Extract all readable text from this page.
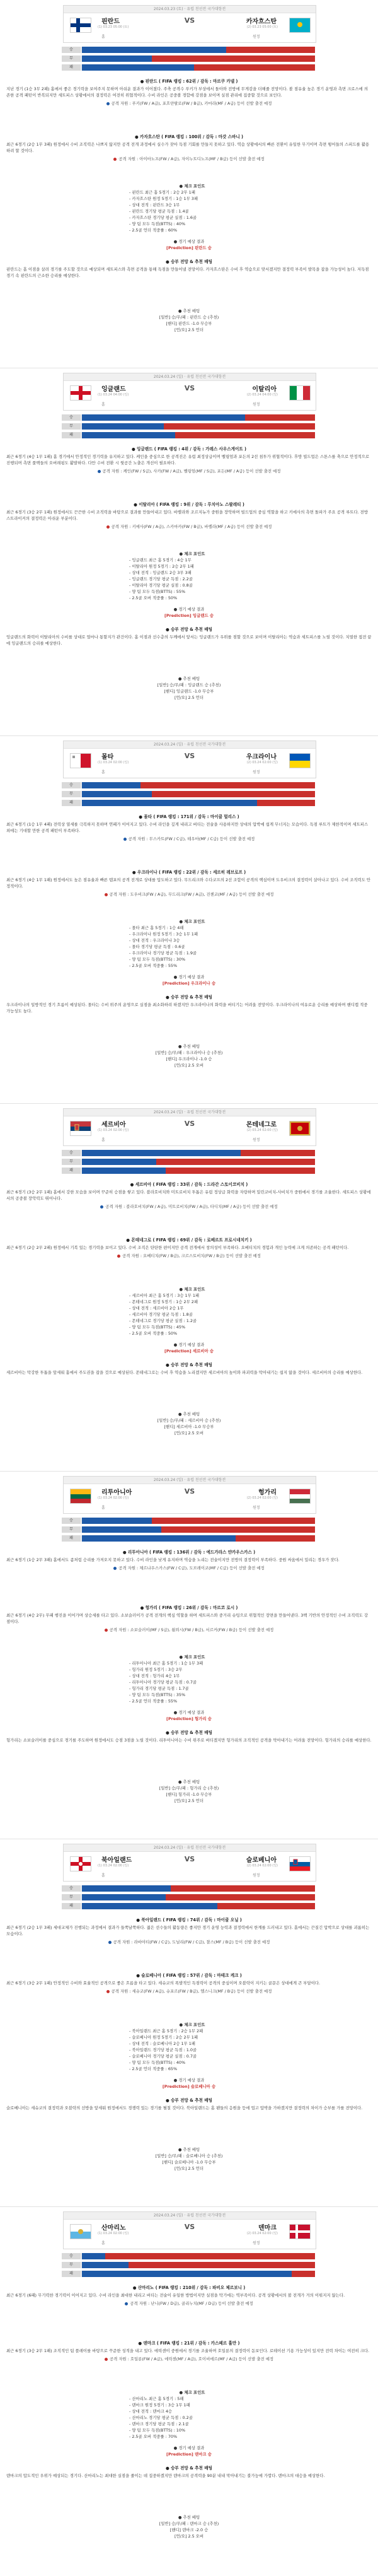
2024.03.23 (토) · 유럽 친선전 국가대항전
핀란드
(1) 03.23 05:00 (토)
홈
VS	카자흐스탄
(2) 03.23 05:00 (토)
원정
승
무
패
● 핀란드 ( FIFA 랭킹 : 62위 / 감독 : 마르쿠 카넬 )
지난 경기 (1승 3무 2패) 홈에서 좋은 경기력을 보여주지 못하며 아쉬운 결과가 이어졌다. 주축 공격수 푸키가 부상에서 돌아와 전방에 무게감을 더해줄 전망이다. 볼 점유율 높은 경기 운영과 측면 크로스에 의존한 공격 패턴이 반복되지만 세트피스 상황에서의 결정력은 여전히 위협적이다. 수비 라인은 공중볼 경합에 강점을 보이며 실점 관리에 집중할 것으로 보인다.
공격 자원 : 푸키(FW / A급), 포흐얀팔로(FW / B급), 카마라(MF / A급) 등이 선발 출전 예정
● 카자흐스탄 ( FIFA 랭킹 : 100위 / 감독 : 마갓 스바니 )
최근 6경기 (2승 1무 3패) 원정에서 수비 조직력은 나쁘지 않지만 공격 전개 과정에서 실수가 잦아 득점 기회를 만들지 못하고 있다. 역습 상황에서의 빠른 전환이 유일한 무기이며 측면 윙어들의 스피드를 활용하려 할 것이다.
공격 자원 : 아이마노프(FW / A급), 자이누트디노프(MF / B급) 등이 선발 출전 예정
● 체크 포인트
- 핀란드 최근 홈 5경기 : 2승 2무 1패
- 카자흐스탄 원정 5경기 : 1승 1무 3패
- 상대 전적 : 핀란드 3승 1무
- 핀란드 경기당 평균 득점 : 1.4골
- 카자흐스탄 경기당 평균 실점 : 1.6골
- 양 팀 모두 득점(BTTS) : 40%
- 2.5골 언더 적중률 : 60%
● 경기 예상 결과
[Prediction] 핀란드 승
● 승부 전망 & 추천 배팅
핀란드는 홈 이점을 살려 경기를 주도할 것으로 예상되며 세트피스와 측면 공격을 통해 득점을 만들어낼 전망이다. 카자흐스탄은 수비 후 역습으로 맞서겠지만 결정력 부족이 발목을 잡을 가능성이 높다. 저득점 경기 속 핀란드의 근소한 승리를 예상한다.
● 추천 배팅
[일반] 승/무/패 : 핀란드 승 (추천)
[핸디] 핀란드 -1.0 무승부
[언/오] 2.5 언더
2024.03.24 (일) · 유럽 친선전 국가대항전
잉글랜드
(1) 03.24 04:00 (일)
홈
VS	이탈리아
(2) 03.24 04:00 (일)
원정
승
무
패
● 잉글랜드 ( FIFA 랭킹 : 4위 / 감독 : 가레스 사우스게이트 )
최근 6경기 (4승 1무 1패) 홈 경기에서 안정적인 경기력을 유지하고 있다. 케인을 중심으로 한 공격진은 유럽 최정상급이며 벨링엄과 포든의 2선 침투가 위협적이다. 후방 빌드업은 스톤스를 축으로 안정적으로 진행되며 측면 풀백들의 오버래핑도 활발하다. 다만 수비 전환 시 뒷공간 노출은 개선이 필요하다.
공격 자원 : 케인(FW / S급), 사카(FW / A급), 벨링엄(MF / S급), 포든(MF / A급) 등이 선발 출전 예정
● 이탈리아 ( FIFA 랭킹 : 9위 / 감독 : 루치아노 스팔레티 )
최근 6경기 (3승 2무 1패) 원정에서도 끈끈한 수비 조직력을 바탕으로 결과를 만들어내고 있다. 바렐라와 조르지뉴가 중원을 장악하며 빌드업의 중심 역할을 하고 키에사의 측면 돌파가 주요 공격 루트다. 전방 스트라이커의 결정력은 아쉬운 부분이다.
공격 자원 : 키에사(FW / A급), 스카마카(FW / B급), 바렐라(MF / A급) 등이 선발 출전 예정
● 체크 포인트
- 잉글랜드 최근 홈 5경기 : 4승 1무
- 이탈리아 원정 5경기 : 2승 2무 1패
- 상대 전적 : 잉글랜드 2승 3무 3패
- 잉글랜드 경기당 평균 득점 : 2.2골
- 이탈리아 경기당 평균 실점 : 0.8골
- 양 팀 모두 득점(BTTS) : 55%
- 2.5골 오버 적중률 : 50%
● 경기 예상 결과
[Prediction] 잉글랜드 승
● 승부 전망 & 추천 배팅
잉글랜드의 화력이 이탈리아의 수비를 상대로 얼마나 통할지가 관건이다. 홈 이점과 선수층의 두께에서 앞서는 잉글랜드가 우위를 점할 것으로 보이며 이탈리아는 역습과 세트피스를 노릴 것이다. 치열한 접전 끝에 잉글랜드의 승리를 예상한다.
● 추천 배팅
[일반] 승/무/패 : 잉글랜드 승 (추천)
[핸디] 잉글랜드 -1.0 무승부
[언/오] 2.5 언더
2024.03.24 (일) · 유럽 친선전 국가대항전
몰타
(1) 03.24 02:00 (일)
홈
VS	우크라이나
(2) 03.24 02:00 (일)
원정
승
무
패
● 몰타 ( FIFA 랭킹 : 171위 / 감독 : 마이클 멀리스 )
최근 6경기 (1승 1무 4패) 전력상 열세를 극복하지 못하며 연패가 이어지고 있다. 수비 라인을 깊게 내리고 버티는 전술을 사용하지만 상대의 압박에 쉽게 무너지는 모습이다. 득점 루트가 제한적이며 세트피스 외에는 기대할 만한 공격 패턴이 부족하다.
공격 자원 : 무스카트(FW / C급), 테우마(MF / C급) 등이 선발 출전 예정
● 우크라이나 ( FIFA 랭킹 : 22위 / 감독 : 세르히 레브로프 )
최근 6경기 (4승 1무 1패) 원정에서도 높은 점유율과 빠른 템포의 공격 전개로 상대를 압도하고 있다. 무드리크와 수다코프의 2선 조합이 공격의 핵심이며 도우비크의 결정력이 살아나고 있다. 수비 조직력도 안정적이다.
공격 자원 : 도우비크(FW / A급), 무드리크(FW / A급), 진첸코(MF / A급) 등이 선발 출전 예정
● 체크 포인트
- 몰타 최근 홈 5경기 : 1승 4패
- 우크라이나 원정 5경기 : 3승 1무 1패
- 상대 전적 : 우크라이나 3승
- 몰타 경기당 평균 득점 : 0.6골
- 우크라이나 경기당 평균 득점 : 1.9골
- 양 팀 모두 득점(BTTS) : 30%
- 2.5골 오버 적중률 : 55%
● 경기 예상 결과
[Prediction] 우크라이나 승
● 승부 전망 & 추천 배팅
우크라이나의 일방적인 경기 흐름이 예상된다. 몰타는 수비 위주의 운영으로 실점을 최소화하려 하겠지만 우크라이나의 화력을 버티기는 어려울 전망이다. 우크라이나의 여유로운 승리를 예상하며 핸디캡 적중 가능성도 높다.
● 추천 배팅
[일반] 승/무/패 : 우크라이나 승 (추천)
[핸디] 우크라이나 -1.0 승
[언/오] 2.5 오버
2024.03.24 (일) · 유럽 친선전 국가대항전
세르비아
(1) 03.24 02:00 (일)
홈
VS	몬테네그로
(2) 03.24 02:00 (일)
원정
승
무
패
● 세르비아 ( FIFA 랭킹 : 33위 / 감독 : 드라간 스토이코비치 )
최근 6경기 (3승 2무 1패) 홈에서 강한 모습을 보이며 꾸준히 승점을 쌓고 있다. 블라호비치와 미트로비치 투톱은 유럽 정상급 화력을 자랑하며 밀린코비치-사비치가 중원에서 경기를 조율한다. 세트피스 상황에서의 공중볼 장악력도 뛰어나다.
공격 자원 : 블라호비치(FW / A급), 미트로비치(FW / A급), 타디치(MF / A급) 등이 선발 출전 예정
● 몬테네그로 ( FIFA 랭킹 : 69위 / 감독 : 로베르트 프로시네치키 )
최근 6경기 (2승 2무 2패) 원정에서 기복 있는 경기력을 보이고 있다. 수비 조직은 탄탄한 편이지만 공격 전개에서 창의성이 부족하다. 요베티치의 경험과 개인 능력에 크게 의존하는 공격 패턴이다.
공격 자원 : 요베티치(FW / B급), 크르스토비치(FW / B급) 등이 선발 출전 예정
● 체크 포인트
- 세르비아 최근 홈 5경기 : 3승 1무 1패
- 몬테네그로 원정 5경기 : 1승 2무 2패
- 상대 전적 : 세르비아 2승 1무
- 세르비아 경기당 평균 득점 : 1.8골
- 몬테네그로 경기당 평균 실점 : 1.2골
- 양 팀 모두 득점(BTTS) : 45%
- 2.5골 오버 적중률 : 50%
● 경기 예상 결과
[Prediction] 세르비아 승
● 승부 전망 & 추천 배팅
세르비아는 막강한 투톱을 앞세워 홈에서 주도권을 잡을 것으로 예상된다. 몬테네그로는 수비 후 역습을 노리겠지만 세르비아의 높이와 파괴력을 막아내기는 쉽지 않을 것이다. 세르비아의 승리를 예상한다.
● 추천 배팅
[일반] 승/무/패 : 세르비아 승 (추천)
[핸디] 세르비아 -1.0 무승부
[언/오] 2.5 오버
2024.03.24 (일) · 유럽 친선전 국가대항전
리투아니아
(1) 03.24 02:00 (일)
홈
VS	헝가리
(2) 03.24 02:00 (일)
원정
승
무
패
● 리투아니아 ( FIFA 랭킹 : 136위 / 감독 : 에드가라스 얀카우스카스 )
최근 6경기 (1승 2무 3패) 홈에서도 좀처럼 승리를 가져오지 못하고 있다. 수비 라인을 낮게 유지하며 역습을 노리는 전술이지만 전방의 결정력이 부족하다. 중원 싸움에서 밀리는 경우가 잦다.
공격 자원 : 체르냐우스카스(FW / C급), 도브레이코(MF / C급) 등이 선발 출전 예정
● 헝가리 ( FIFA 랭킹 : 26위 / 감독 : 마르코 로시 )
최근 6경기 (4승 2무) 무패 행진을 이어가며 상승세를 타고 있다. 소보슬러이가 공격 전개의 핵심 역할을 하며 세트피스와 중거리 슈팅으로 위협적인 장면을 만들어낸다. 3백 기반의 안정적인 수비 조직력도 강점이다.
공격 자원 : 소보슬러이(MF / S급), 쇨뢰시(FW / B급), 서르커(FW / B급) 등이 선발 출전 예정
● 체크 포인트
- 리투아니아 최근 홈 5경기 : 1승 1무 3패
- 헝가리 원정 5경기 : 3승 2무
- 상대 전적 : 헝가리 4승 1무
- 리투아니아 경기당 평균 득점 : 0.7골
- 헝가리 경기당 평균 득점 : 1.7골
- 양 팀 모두 득점(BTTS) : 35%
- 2.5골 언더 적중률 : 55%
● 경기 예상 결과
[Prediction] 헝가리 승
● 승부 전망 & 추천 배팅
헝가리는 소보슬러이를 중심으로 경기를 주도하며 원정에서도 승점 3점을 노릴 것이다. 리투아니아는 수비 위주로 버티겠지만 헝가리의 조직적인 공격을 막아내기는 어려울 전망이다. 헝가리의 승리를 예상한다.
● 추천 배팅
[일반] 승/무/패 : 헝가리 승 (추천)
[핸디] 헝가리 -1.0 무승부
[언/오] 2.5 언더
2024.03.24 (일) · 유럽 친선전 국가대항전
북아일랜드
(1) 03.24 02:00 (일)
홈
VS	슬로베니아
(2) 03.24 02:00 (일)
원정
승
무
패
● 북아일랜드 ( FIFA 랭킹 : 74위 / 감독 : 마이클 오닐 )
최근 6경기 (2승 1무 3패) 세대교체가 진행되는 과정에서 결과가 들쭉날쭉하다. 젊은 선수들의 활동량은 좋지만 경기 운영 능력과 결정력에서 한계를 드러내고 있다. 홈에서는 끈질긴 압박으로 상대를 괴롭히는 모습이다.
공격 자원 : 라바야티(FW / C급), 도널리(FW / C급), 찰스(MF / B급) 등이 선발 출전 예정
● 슬로베니아 ( FIFA 랭킹 : 57위 / 감독 : 마테크 케크 )
최근 6경기 (3승 2무 1패) 안정적인 수비와 효율적인 공격으로 좋은 흐름을 타고 있다. 세슈코의 폭발적인 득점력이 공격의 중심이며 오블락이 지키는 골문은 상대에게 큰 부담이다.
공격 자원 : 세슈코(FW / A급), 슈포르(FW / B급), 엘스니크(MF / B급) 등이 선발 출전 예정
● 체크 포인트
- 북아일랜드 최근 홈 5경기 : 2승 1무 2패
- 슬로베니아 원정 5경기 : 2승 2무 1패
- 상대 전적 : 슬로베니아 2승 1무 1패
- 북아일랜드 경기당 평균 득점 : 1.0골
- 슬로베니아 경기당 평균 실점 : 0.7골
- 양 팀 모두 득점(BTTS) : 40%
- 2.5골 언더 적중률 : 65%
● 경기 예상 결과
[Prediction] 슬로베니아 승
● 승부 전망 & 추천 배팅
슬로베니아는 세슈코의 결정력과 오블락의 선방을 앞세워 원정에서도 경쟁력 있는 경기를 펼칠 것이다. 북아일랜드는 홈 팬들의 응원을 등에 업고 압박을 가하겠지만 결정력의 차이가 승부를 가를 전망이다.
● 추천 배팅
[일반] 승/무/패 : 슬로베니아 승 (추천)
[핸디] 슬로베니아 -1.0 무승부
[언/오] 2.5 언더
2024.03.24 (일) · 유럽 친선전 국가대항전
산마리노
(1) 03.24 02:00 (일)
홈
VS	덴마크
(2) 03.24 02:00 (일)
원정
승
무
패
● 산마리노 ( FIFA 랭킹 : 210위 / 감독 : 파비오 체르보니 )
최근 6경기 (6패) 무기력한 경기력이 이어지고 있다. 수비 라인을 최대한 내리고 버티는 전술이 유일한 방법이지만 실점을 막기에는 역부족이다. 공격 상황에서의 볼 전개가 거의 이뤄지지 않는다.
공격 자원 : 난니(FW / D급), 골리누치(MF / D급) 등이 선발 출전 예정
● 덴마크 ( FIFA 랭킹 : 21위 / 감독 : 카스페르 휼만 )
최근 6경기 (3승 2무 1패) 조직적인 팀 플레이를 바탕으로 꾸준한 성적을 내고 있다. 에릭센이 중원에서 경기를 조율하며 호일룬의 결정력이 돋보인다. 로테이션 기용 가능성이 있지만 전력 차이는 여전히 크다.
공격 자원 : 호일룬(FW / A급), 에릭센(MF / A급), 호이비에르(MF / A급) 등이 선발 출전 예정
● 체크 포인트
- 산마리노 최근 홈 5경기 : 5패
- 덴마크 원정 5경기 : 3승 1무 1패
- 상대 전적 : 덴마크 4승
- 산마리노 경기당 평균 득점 : 0.2골
- 덴마크 경기당 평균 득점 : 2.1골
- 양 팀 모두 득점(BTTS) : 10%
- 2.5골 오버 적중률 : 70%
● 경기 예상 결과
[Prediction] 덴마크 승
● 승부 전망 & 추천 배팅
덴마크의 압도적인 우위가 예상되는 경기다. 산마리노는 최대한 실점을 줄이는 데 집중하겠지만 덴마크의 공격력을 90분 내내 막아내기는 불가능에 가깝다. 덴마크의 대승을 예상한다.
● 추천 배팅
[일반] 승/무/패 : 덴마크 승 (추천)
[핸디] 덴마크 -2.0 승
[언/오] 2.5 오버
